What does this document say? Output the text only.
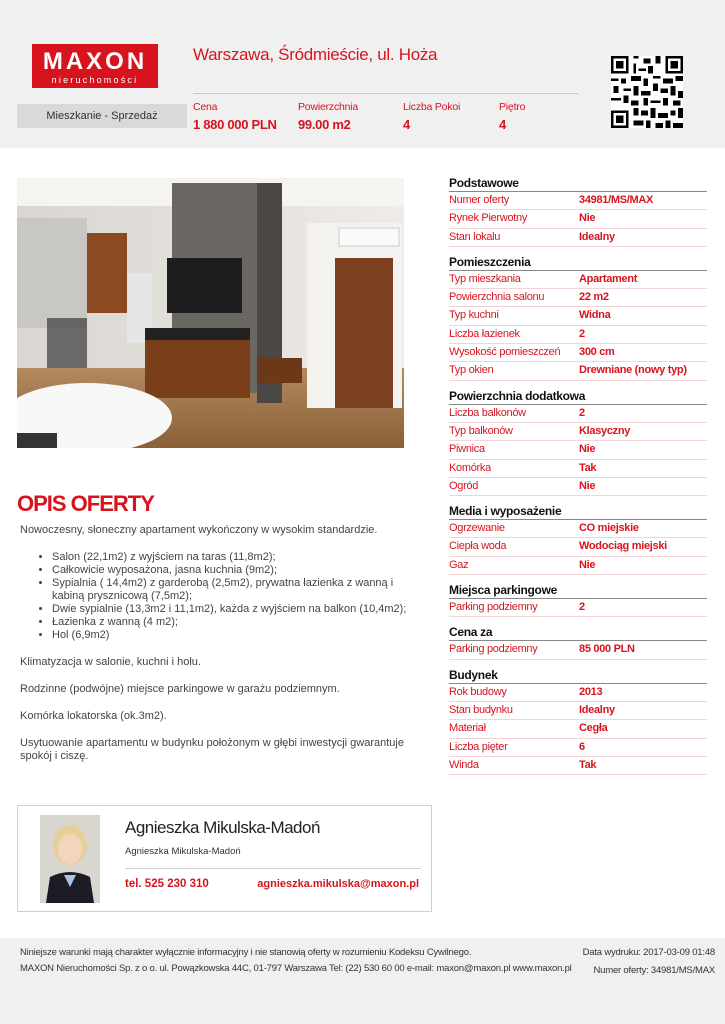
MAXON
nieruchomości
Mieszkanie - Sprzedaż
Warszawa, Śródmieście, ul. Hoża
Cena
1 880 000 PLN
Powierzchnia
99.00 m2
Liczba Pokoi
4
Piętro
4
OPIS OFERTY

Nowoczesny, słoneczny apartament wykończony w wysokim standardzie.

• Salon (22,1m2) z wyjściem na taras (11,8m2);
• Całkowicie wyposażona, jasna kuchnia (9m2);
• Sypialnia ( 14,4m2) z garderobą (2,5m2), prywatna łazienka z wanną i kabiną prysznicową (7,5m2);
• Dwie sypialnie (13,3m2 i 11,1m2), każda z wyjściem na balkon (10,4m2);
• Łazienka z wanną (4 m2);
• Hol (6,9m2)

Klimatyzacja w salonie, kuchni i holu.

Rodzinne (podwójne) miejsce parkingowe w garażu podziemnym.

Komórka lokatorska (ok.3m2).

Usytuowanie apartamentu w budynku położonym w głębi inwestycji gwarantuje spokój i ciszę.

Podstawowe
Numer oferty	34981/MS/MAX
Rynek Pierwotny	Nie
Stan lokalu	Idealny
Pomieszczenia
Typ mieszkania	Apartament
Powierzchnia salonu	22 m2
Typ kuchni	Widna
Liczba łazienek	2
Wysokość pomieszczeń	300 cm
Typ okien	Drewniane (nowy typ)
Powierzchnia dodatkowa
Liczba balkonów	2
Typ balkonów	Klasyczny
Piwnica	Nie
Komórka	Tak
Ogród	Nie
Media i wyposażenie
Ogrzewanie	CO miejskie
Ciepła woda	Wodociąg miejski
Gaz	Nie
Miejsca parkingowe
Parking podziemny	2
Cena za
Parking podziemny	85 000 PLN
Budynek
Rok budowy	2013
Stan budynku	Idealny
Materiał	Cegła
Liczba pięter	6
Winda	Tak
Agnieszka Mikulska-Madoń
Agnieszka Mikulska-Madoń
tel. 525 230 310	agnieszka.mikulska@maxon.pl
Niniejsze warunki mają charakter wyłącznie informacyjny i nie stanowią oferty w rozumieniu Kodeksu Cywilnego.
MAXON Nieruchomości Sp. z o o. ul. Powązkowska 44C, 01-797 Warszawa Tel: (22) 530 60 00 e-mail: maxon@maxon.pl www.maxon.pl
Data wydruku: 2017-03-09 01:48
Numer oferty: 34981/MS/MAX
